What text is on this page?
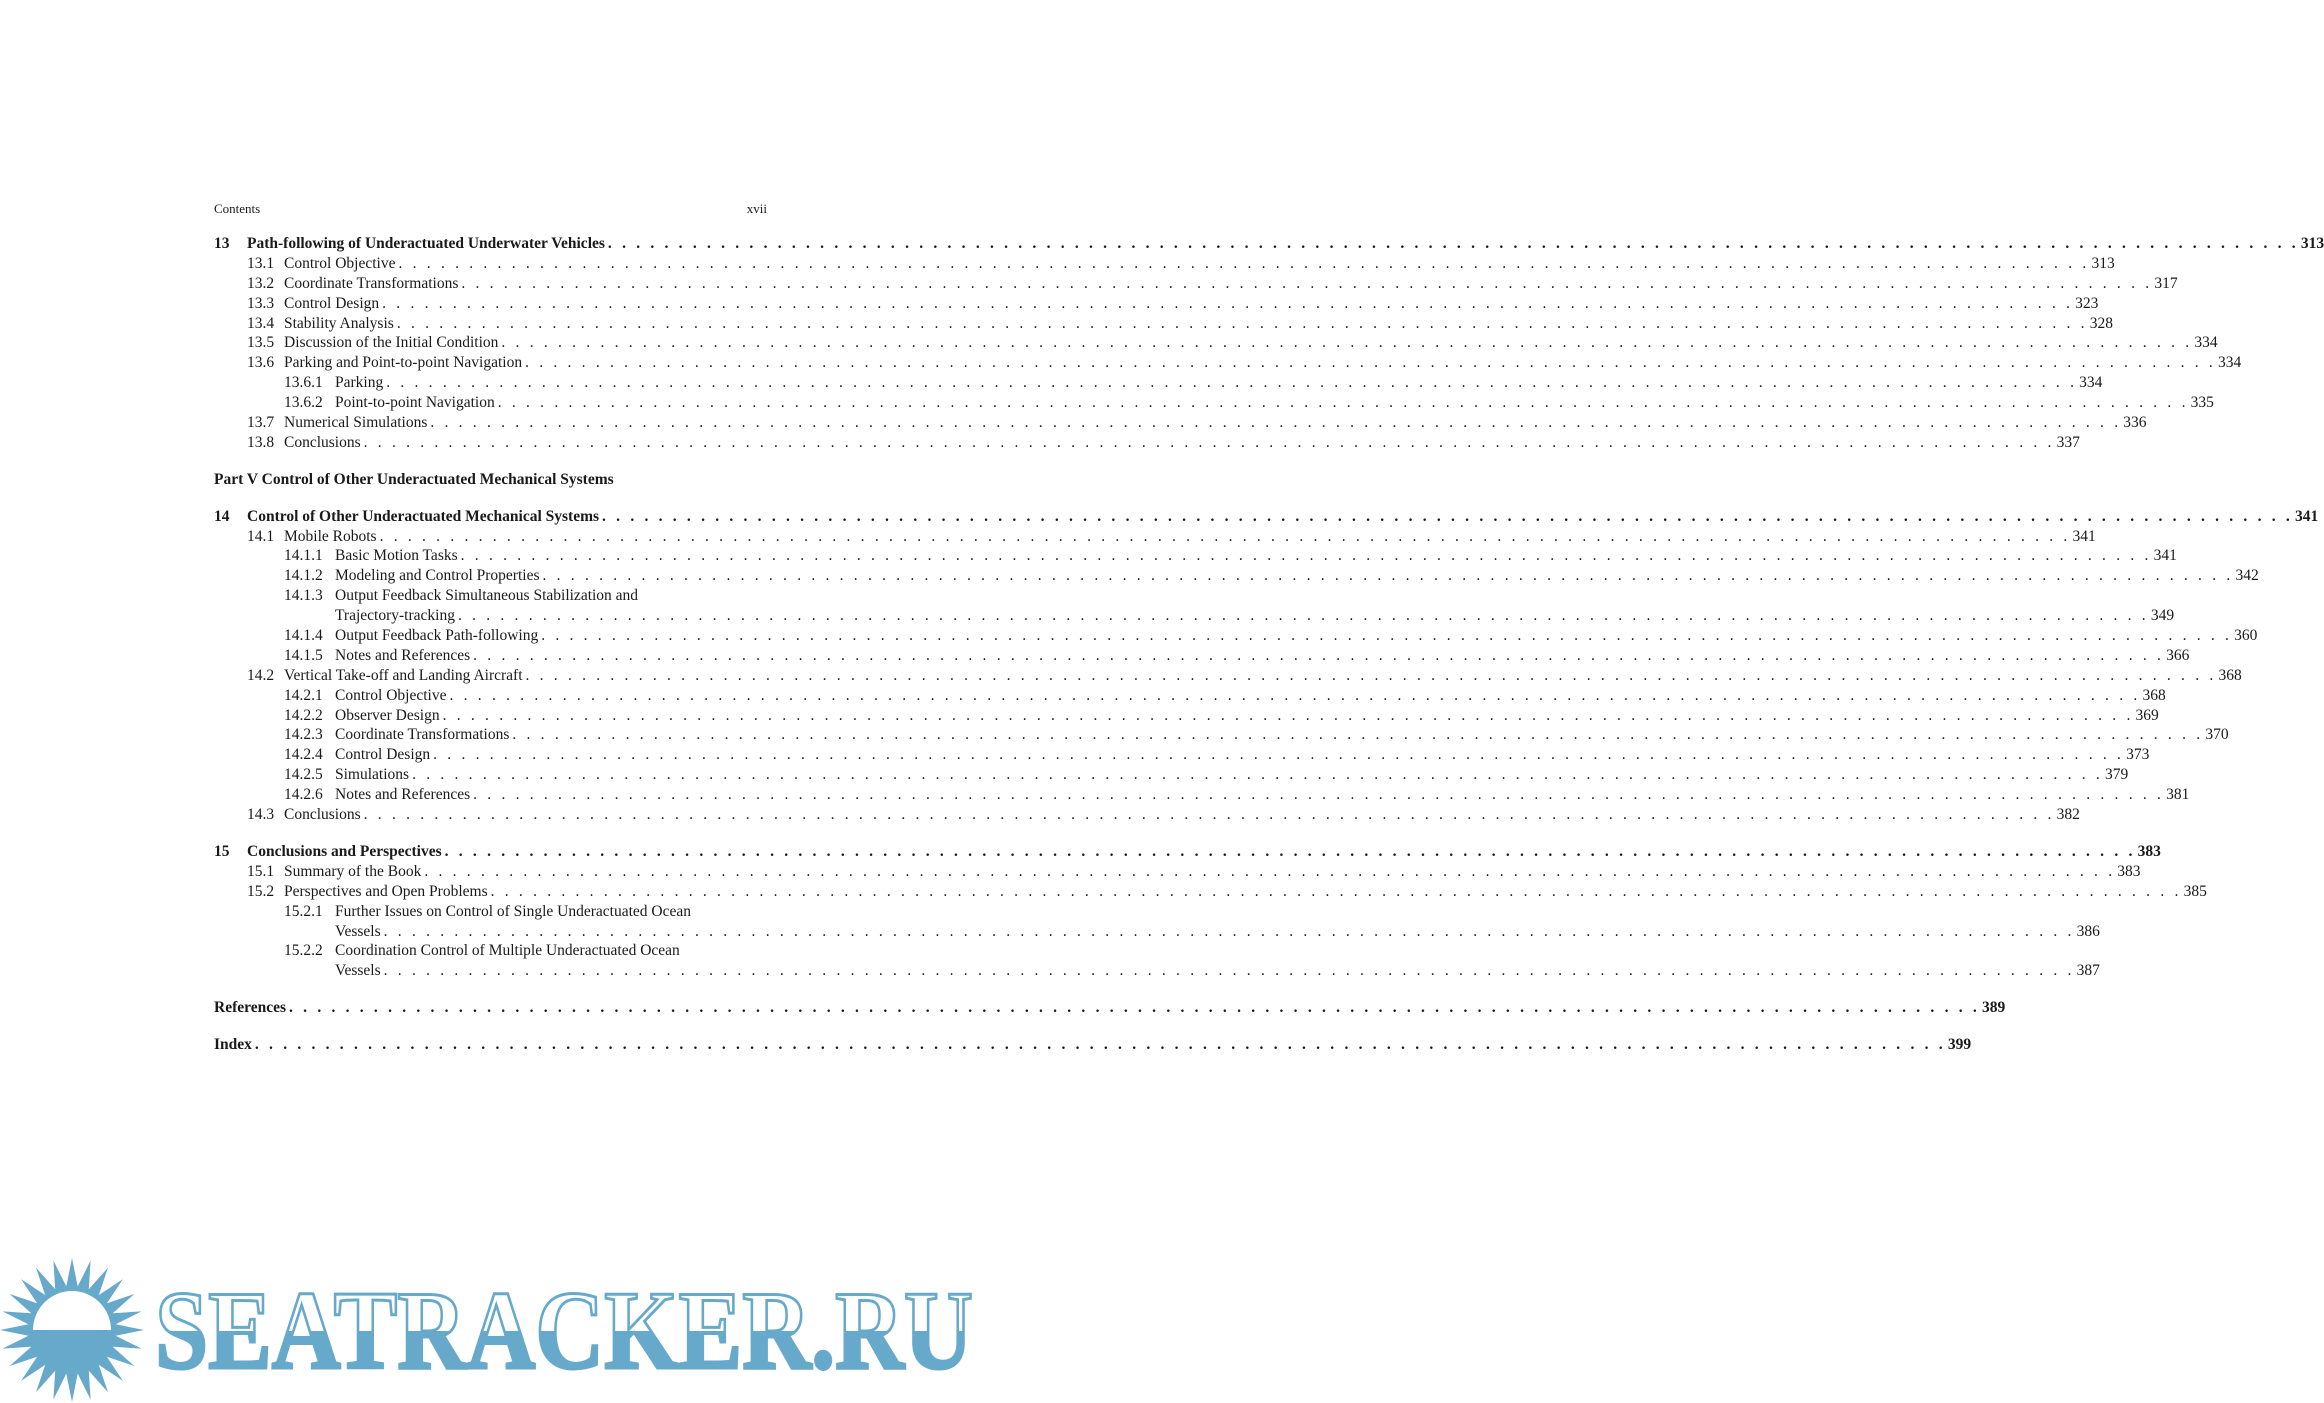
Contents	xvii
13 Path-following of Underactuated Underwater Vehicles . . . . . . . . . . . . . . . . . . . . . . . . . . . . . . . . . . . . . . . . . . . . . . . . . . . . . . . . . . . . . . . . . . . . . . . . . . . . . . . . . . . . . . . . . . . . . . . . . . . . . . . . . . . . . . . . . . . . . . . . 313
13.1 Control Objective . . . . . . . . . . . . . . . . . . . . . . . . . . . . . . . . . . . . . . . . . . . . . . . . . . . . . . . . . . . . . . . . . . . . . . . . . . . . . . . . . . . . . . . . . . . . . . . . . . . . . . . . . . . . . . . . . . . . . . . . 313
13.2 Coordinate Transformations . . . . . . . . . . . . . . . . . . . . . . . . . . . . . . . . . . . . . . . . . . . . . . . . . . . . . . . . . . . . . . . . . . . . . . . . . . . . . . . . . . . . . . . . . . . . . . . . . . . . . . . . . . . . . . . . . . . . . . . . 317
13.3 Control Design . . . . . . . . . . . . . . . . . . . . . . . . . . . . . . . . . . . . . . . . . . . . . . . . . . . . . . . . . . . . . . . . . . . . . . . . . . . . . . . . . . . . . . . . . . . . . . . . . . . . . . . . . . . . . . . . . . . . . . . . 323
13.4 Stability Analysis . . . . . . . . . . . . . . . . . . . . . . . . . . . . . . . . . . . . . . . . . . . . . . . . . . . . . . . . . . . . . . . . . . . . . . . . . . . . . . . . . . . . . . . . . . . . . . . . . . . . . . . . . . . . . . . . . . . . . . . . 328
13.5 Discussion of the Initial Condition . . . . . . . . . . . . . . . . . . . . . . . . . . . . . . . . . . . . . . . . . . . . . . . . . . . . . . . . . . . . . . . . . . . . . . . . . . . . . . . . . . . . . . . . . . . . . . . . . . . . . . . . . . . . . . . . . . . . . . . . 334
13.6 Parking and Point-to-point Navigation . . . . . . . . . . . . . . . . . . . . . . . . . . . . . . . . . . . . . . . . . . . . . . . . . . . . . . . . . . . . . . . . . . . . . . . . . . . . . . . . . . . . . . . . . . . . . . . . . . . . . . . . . . . . . . . . . . . . . . . . 334
13.6.1 Parking . . . . . . . . . . . . . . . . . . . . . . . . . . . . . . . . . . . . . . . . . . . . . . . . . . . . . . . . . . . . . . . . . . . . . . . . . . . . . . . . . . . . . . . . . . . . . . . . . . . . . . . . . . . . . . . . . . . . . . . . 334
13.6.2 Point-to-point Navigation . . . . . . . . . . . . . . . . . . . . . . . . . . . . . . . . . . . . . . . . . . . . . . . . . . . . . . . . . . . . . . . . . . . . . . . . . . . . . . . . . . . . . . . . . . . . . . . . . . . . . . . . . . . . . . . . . . . . . . . . 335
13.7 Numerical Simulations . . . . . . . . . . . . . . . . . . . . . . . . . . . . . . . . . . . . . . . . . . . . . . . . . . . . . . . . . . . . . . . . . . . . . . . . . . . . . . . . . . . . . . . . . . . . . . . . . . . . . . . . . . . . . . . . . . . . . . . . 336
13.8 Conclusions . . . . . . . . . . . . . . . . . . . . . . . . . . . . . . . . . . . . . . . . . . . . . . . . . . . . . . . . . . . . . . . . . . . . . . . . . . . . . . . . . . . . . . . . . . . . . . . . . . . . . . . . . . . . . . . . . . . . . . . . 337
Part V Control of Other Underactuated Mechanical Systems
14 Control of Other Underactuated Mechanical Systems . . . . . . . . . . . . . . . . . . . . . . . . . . . . . . . . . . . . . . . . . . . . . . . . . . . . . . . . . . . . . . . . . . . . . . . . . . . . . . . . . . . . . . . . . . . . . . . . . . . . . . . . . . . . . . . . . . . . . . . . 341
14.1 Mobile Robots . . . . . . . . . . . . . . . . . . . . . . . . . . . . . . . . . . . . . . . . . . . . . . . . . . . . . . . . . . . . . . . . . . . . . . . . . . . . . . . . . . . . . . . . . . . . . . . . . . . . . . . . . . . . . . . . . . . . . . . . 341
14.1.1 Basic Motion Tasks . . . . . . . . . . . . . . . . . . . . . . . . . . . . . . . . . . . . . . . . . . . . . . . . . . . . . . . . . . . . . . . . . . . . . . . . . . . . . . . . . . . . . . . . . . . . . . . . . . . . . . . . . . . . . . . . . . . . . . . . 341
14.1.2 Modeling and Control Properties . . . . . . . . . . . . . . . . . . . . . . . . . . . . . . . . . . . . . . . . . . . . . . . . . . . . . . . . . . . . . . . . . . . . . . . . . . . . . . . . . . . . . . . . . . . . . . . . . . . . . . . . . . . . . . . . . . . . . . . . 342
14.1.3 Output Feedback Simultaneous Stabilization and
Trajectory-tracking . . . . . . . . . . . . . . . . . . . . . . . . . . . . . . . . . . . . . . . . . . . . . . . . . . . . . . . . . . . . . . . . . . . . . . . . . . . . . . . . . . . . . . . . . . . . . . . . . . . . . . . . . . . . . . . . . . . . . . . . 349
14.1.4 Output Feedback Path-following . . . . . . . . . . . . . . . . . . . . . . . . . . . . . . . . . . . . . . . . . . . . . . . . . . . . . . . . . . . . . . . . . . . . . . . . . . . . . . . . . . . . . . . . . . . . . . . . . . . . . . . . . . . . . . . . . . . . . . . . 360
14.1.5 Notes and References . . . . . . . . . . . . . . . . . . . . . . . . . . . . . . . . . . . . . . . . . . . . . . . . . . . . . . . . . . . . . . . . . . . . . . . . . . . . . . . . . . . . . . . . . . . . . . . . . . . . . . . . . . . . . . . . . . . . . . . . 366
14.2 Vertical Take-off and Landing Aircraft . . . . . . . . . . . . . . . . . . . . . . . . . . . . . . . . . . . . . . . . . . . . . . . . . . . . . . . . . . . . . . . . . . . . . . . . . . . . . . . . . . . . . . . . . . . . . . . . . . . . . . . . . . . . . . . . . . . . . . . . 368
14.2.1 Control Objective . . . . . . . . . . . . . . . . . . . . . . . . . . . . . . . . . . . . . . . . . . . . . . . . . . . . . . . . . . . . . . . . . . . . . . . . . . . . . . . . . . . . . . . . . . . . . . . . . . . . . . . . . . . . . . . . . . . . . . . . 368
14.2.2 Observer Design . . . . . . . . . . . . . . . . . . . . . . . . . . . . . . . . . . . . . . . . . . . . . . . . . . . . . . . . . . . . . . . . . . . . . . . . . . . . . . . . . . . . . . . . . . . . . . . . . . . . . . . . . . . . . . . . . . . . . . . . 369
14.2.3 Coordinate Transformations . . . . . . . . . . . . . . . . . . . . . . . . . . . . . . . . . . . . . . . . . . . . . . . . . . . . . . . . . . . . . . . . . . . . . . . . . . . . . . . . . . . . . . . . . . . . . . . . . . . . . . . . . . . . . . . . . . . . . . . . 370
14.2.4 Control Design . . . . . . . . . . . . . . . . . . . . . . . . . . . . . . . . . . . . . . . . . . . . . . . . . . . . . . . . . . . . . . . . . . . . . . . . . . . . . . . . . . . . . . . . . . . . . . . . . . . . . . . . . . . . . . . . . . . . . . . . 373
14.2.5 Simulations . . . . . . . . . . . . . . . . . . . . . . . . . . . . . . . . . . . . . . . . . . . . . . . . . . . . . . . . . . . . . . . . . . . . . . . . . . . . . . . . . . . . . . . . . . . . . . . . . . . . . . . . . . . . . . . . . . . . . . . . 379
14.2.6 Notes and References . . . . . . . . . . . . . . . . . . . . . . . . . . . . . . . . . . . . . . . . . . . . . . . . . . . . . . . . . . . . . . . . . . . . . . . . . . . . . . . . . . . . . . . . . . . . . . . . . . . . . . . . . . . . . . . . . . . . . . . . 381
14.3 Conclusions . . . . . . . . . . . . . . . . . . . . . . . . . . . . . . . . . . . . . . . . . . . . . . . . . . . . . . . . . . . . . . . . . . . . . . . . . . . . . . . . . . . . . . . . . . . . . . . . . . . . . . . . . . . . . . . . . . . . . . . . 382
15 Conclusions and Perspectives . . . . . . . . . . . . . . . . . . . . . . . . . . . . . . . . . . . . . . . . . . . . . . . . . . . . . . . . . . . . . . . . . . . . . . . . . . . . . . . . . . . . . . . . . . . . . . . . . . . . . . . . . . . . . . . . . . . . . . . . 383
15.1 Summary of the Book . . . . . . . . . . . . . . . . . . . . . . . . . . . . . . . . . . . . . . . . . . . . . . . . . . . . . . . . . . . . . . . . . . . . . . . . . . . . . . . . . . . . . . . . . . . . . . . . . . . . . . . . . . . . . . . . . . . . . . . . 383
15.2 Perspectives and Open Problems . . . . . . . . . . . . . . . . . . . . . . . . . . . . . . . . . . . . . . . . . . . . . . . . . . . . . . . . . . . . . . . . . . . . . . . . . . . . . . . . . . . . . . . . . . . . . . . . . . . . . . . . . . . . . . . . . . . . . . . . 385
15.2.1 Further Issues on Control of Single Underactuated Ocean
Vessels . . . . . . . . . . . . . . . . . . . . . . . . . . . . . . . . . . . . . . . . . . . . . . . . . . . . . . . . . . . . . . . . . . . . . . . . . . . . . . . . . . . . . . . . . . . . . . . . . . . . . . . . . . . . . . . . . . . . . . . . 386
15.2.2 Coordination Control of Multiple Underactuated Ocean
Vessels . . . . . . . . . . . . . . . . . . . . . . . . . . . . . . . . . . . . . . . . . . . . . . . . . . . . . . . . . . . . . . . . . . . . . . . . . . . . . . . . . . . . . . . . . . . . . . . . . . . . . . . . . . . . . . . . . . . . . . . . 387
References . . . . . . . . . . . . . . . . . . . . . . . . . . . . . . . . . . . . . . . . . . . . . . . . . . . . . . . . . . . . . . . . . . . . . . . . . . . . . . . . . . . . . . . . . . . . . . . . . . . . . . . . . . . . . . . . . . . . . . . . 389
Index . . . . . . . . . . . . . . . . . . . . . . . . . . . . . . . . . . . . . . . . . . . . . . . . . . . . . . . . . . . . . . . . . . . . . . . . . . . . . . . . . . . . . . . . . . . . . . . . . . . . . . . . . . . . . . . . . . . . . . . . 399
SEATRACKER.RU
